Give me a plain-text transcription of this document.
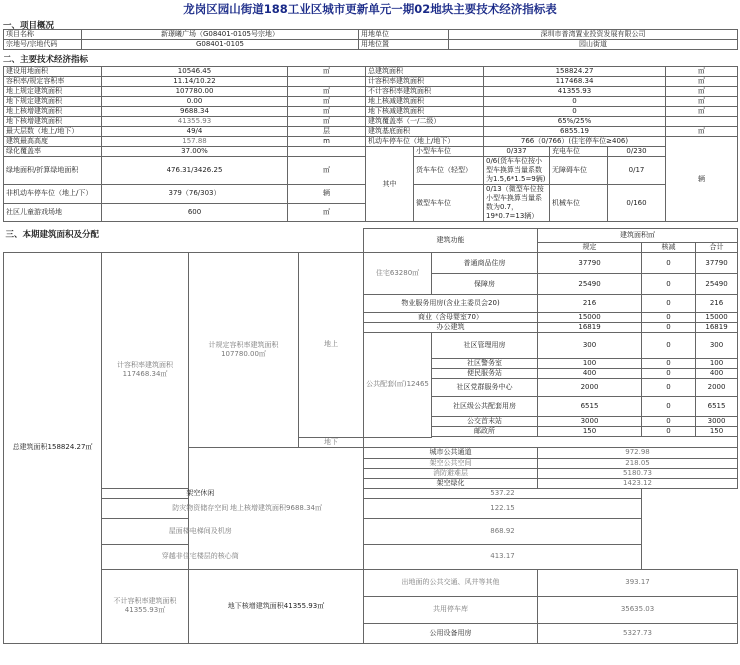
龙岗区园山街道188工业区城市更新单元一期02地块主要技术经济指标表
一、项目概况
项目名称	新璟曦广场（G08401-0105号宗地）	用地单位	深圳市普湾置业投资发展有限公司
宗地号/宗地代码	G08401-0105	用地位置	园山街道
二、主要技术经济指标
建设用地面积	10546.45	㎡	总建筑面积		158824.27			㎡
容积率/规定容积率	11.14/10.22		计容积率建筑面积		117468.34			㎡
地上规定建筑面积	107780.00	㎡	不计容积率建筑面积		41355.93			㎡
地下规定建筑面积	0.00	㎡	地上核减建筑面积		0			㎡
地上核增建筑面积	9688.34	㎡	地下核减建筑面积		0			㎡
地下核增建筑面积	41355.93	㎡	建筑覆盖率（一/二级）		65%/25%			
最大层数（地上/地下）	49/4	层	建筑基底面积		6855.19			㎡
建筑最高高度	157.88	m	机动车停车位（地上/地下）		766（0/766）(住宅停车位≥406)			辆
绿化覆盖率	37.00%		其中	小型车车位	0/337	充电车位	0/230	
绿地面积/折算绿地面积	476.31/3426.25	㎡		货车车位（轻型）	0/6(货车车位按小型车换算当量系数为1.5,6*1.5=9辆)	无障碍车位	0/17	
非机动车停车位（地上/下）	379（76/303）	辆		微型车车位	0/13（微型车位按小型车换算当量系数为0.7，19*0.7=13辆）	机械车位	0/160	
社区儿童游戏场地	600	㎡						
三、本期建筑面积及分配				建筑功能		建筑面积㎡		
						规定	核减	合计
总建筑面积158824.27㎡	计容积率建筑面积117468.34㎡	计规定容积率建筑面积107780.00㎡	地上	住宅63280㎡	普通商品住房	37790	0	37790
					保障房	25490	0	25490
				物业服务用房(含业主委员会20)		216	0	216
				商业（含母婴室70）		15000	0	15000
				办公建筑		16819	0	16819
				公共配套(㎡)12465	社区管理用房	300	0	300
					社区警务室	100	0	100
					便民服务站	400	0	400
					社区党群服务中心	2000	0	2000
					社区级公共配套用房	6515	0	6515
					公交首末站	3000	0	3000
					邮政所	150	0	150

			地下					
		地上核增建筑面积9688.34㎡		城市公共通道		972.98		
				架空公共空间		218.05		
				消防避难层		5180.73		
				架空绿化		1423.12		
	架空休闲			537.22				
	防灾物资储存空间			122.15				
	屋面楼电梯间及机房			868.92				
	穿越非住宅楼层的核心筒			413.17				
	不计容积率建筑面积41355.93㎡	地下核增建筑面积41355.93㎡		出地面的公共交通、风井等其他		393.17		
				共用停车库		35635.03		
				公用设备用房		5327.73		
